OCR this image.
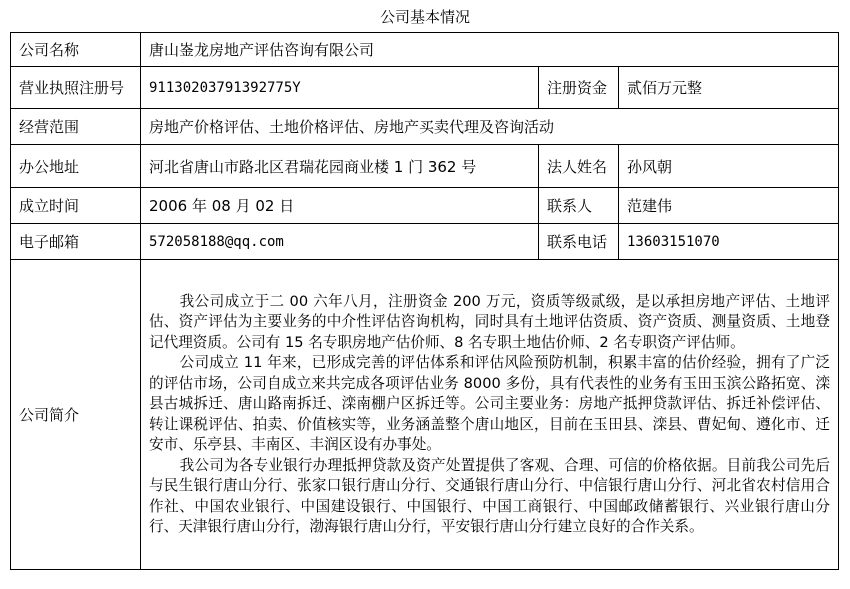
公司基本情况
公司名称	唐山崟龙房地产评估咨询有限公司		
营业执照注册号	91130203791392775Y	注册资金	贰佰万元整
经营范围	房地产价格评估、土地价格评估、房地产买卖代理及咨询活动		
办公地址	河北省唐山市路北区君瑞花园商业楼 1 门 362 号	法人姓名	孙风朝
成立时间	2006 年 08 月 02 日	联系人	范建伟
电子邮箱	572058188@qq.com	联系电话	13603151070
公司简介	我公司成立于二 00 六年八月，注册资金 200 万元，资质等级贰级，是以承担房地产评估、土地评估、资产评估为主要业务的中介性评估咨询机构，同时具有土地评估资质、资产资质、测量资质、土地登记代理资质。公司有 15 名专职房地产估价师、8 名专职土地估价师、2 名专职资产评估师。

公司成立 11 年来，已形成完善的评估体系和评估风险预防机制，积累丰富的估价经验，拥有了广泛的评估市场，公司自成立来共完成各项评估业务 8000 多份，具有代表性的业务有玉田玉滨公路拓宽、滦县古城拆迁、唐山路南拆迁、滦南棚户区拆迁等。公司主要业务：房地产抵押贷款评估、拆迁补偿评估、转让课税评估、拍卖、价值核实等，业务涵盖整个唐山地区，目前在玉田县、滦县、曹妃甸、遵化市、迁安市、乐亭县、丰南区、丰润区设有办事处。

我公司为各专业银行办理抵押贷款及资产处置提供了客观、合理、可信的价格依据。目前我公司先后与民生银行唐山分行、张家口银行唐山分行、交通银行唐山分行、中信银行唐山分行、河北省农村信用合作社、中国农业银行、中国建设银行、中国银行、中国工商银行、中国邮政储蓄银行、兴业银行唐山分行、天津银行唐山分行，渤海银行唐山分行，平安银行唐山分行建立良好的合作关系。		
